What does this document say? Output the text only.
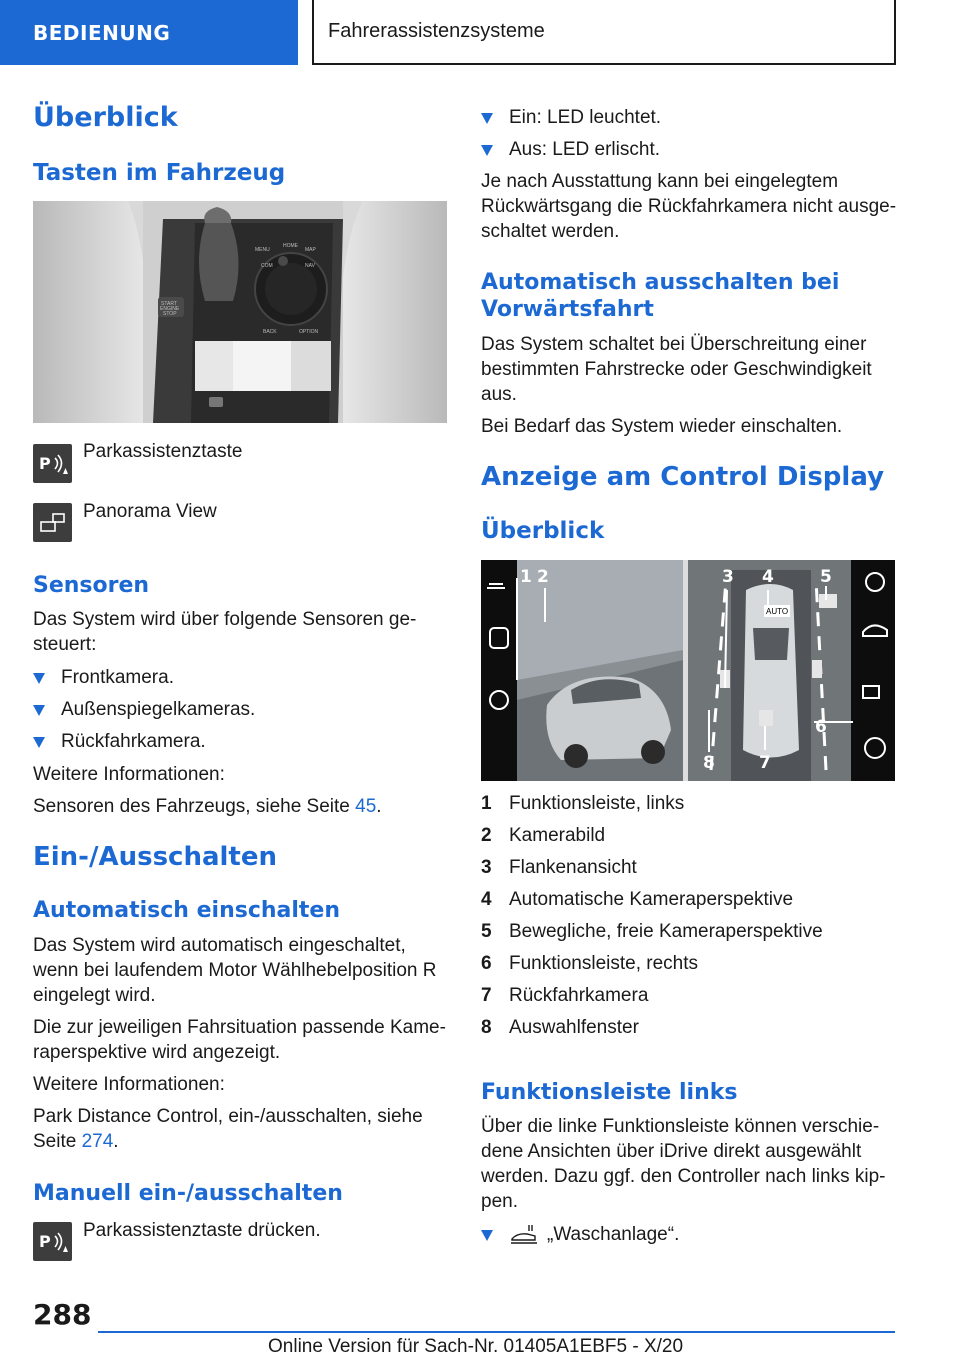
BEDIENUNG	Fahrerassistenzsysteme
Überblick
Tasten im Fahrzeug
MENU
HOME
MAP
COM	NAV
BACK	OPTION
START
ENGINE
STOP
P

Parkassistenztaste

Panorama View

Sensoren

Das System wird über folgende Sensoren ge-

steuert:

Frontkamera.
Außenspiegelkameras.
Rückfahrkamera.

Weitere Informationen:

Sensoren des Fahrzeugs, siehe Seite 45.

Ein-/Ausschalten
Automatisch einschalten

Das System wird automatisch eingeschaltet,

wenn bei laufendem Motor Wählhebelposition R

eingelegt wird.

Die zur jeweiligen Fahrsituation passende Kame-

raperspektive wird angezeigt.

Weitere Informationen:

Park Distance Control, ein-/ausschalten, siehe

Seite 274.

Manuell ein-/ausschalten
P

Parkassistenztaste drücken.

Ein: LED leuchtet.
Aus: LED erlischt.

Je nach Ausstattung kann bei eingelegtem

Rückwärtsgang die Rückfahrkamera nicht ausge-

schaltet werden.

Automatisch ausschalten bei
Vorwärtsfahrt

Das System schaltet bei Überschreitung einer

bestimmten Fahrstrecke oder Geschwindigkeit

aus.

Bei Bedarf das System wieder einschalten.

Anzeige am Control Display
Überblick
AUTO
1 2	3 4	5
6
7
8
1 Funktionsleiste, links
2 Kamerabild
3 Flankenansicht
4 Automatische Kameraperspektive
5 Bewegliche, freie Kameraperspektive
6 Funktionsleiste, rechts
7 Rückfahrkamera
8 Auswahlfenster
Funktionsleiste links

Über die linke Funktionsleiste können verschie-

dene Ansichten über iDrive direkt ausgewählt

werden. Dazu ggf. den Controller nach links kip-

pen.

„Waschanlage“.
288
Online Version für Sach-Nr. 01405A1EBF5 - X/20
